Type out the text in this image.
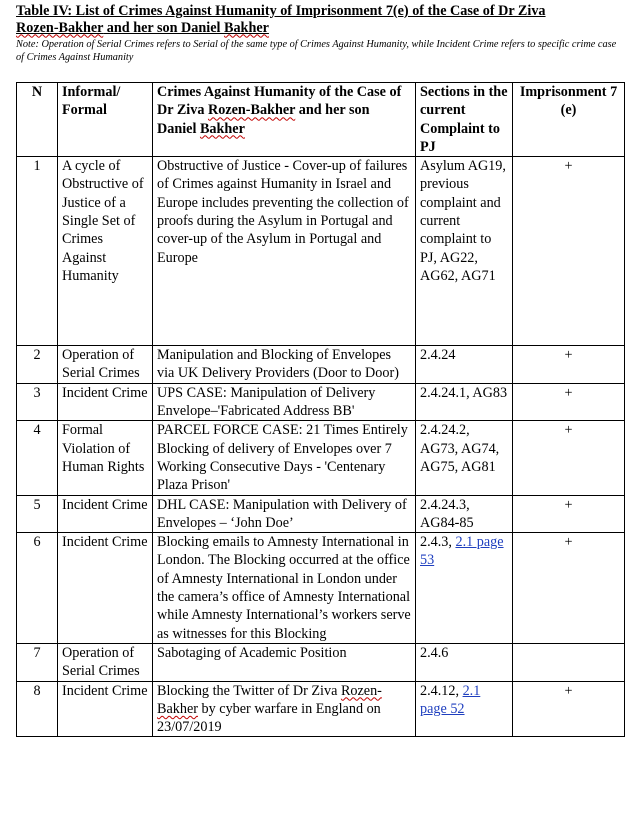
Table IV: List of Crimes Against Humanity of Imprisonment 7(e) of the Case of Dr Ziva
Rozen-Bakher and her son Daniel Bakher

Note: Operation of Serial Crimes refers to Serial of the same type of Crimes Against Humanity, while Incident Crime refers to specific crime case of Crimes Against Humanity

N	Informal/ Formal	Crimes Against Humanity of the Case of Dr Ziva Rozen-Bakher and her son Daniel Bakher	Sections in the current Complaint to PJ	Imprisonment 7(e)
1	A cycle of Obstructive of Justice of a Single Set of Crimes Against Humanity	Obstructive of Justice - Cover-up of failures of Crimes against Humanity in Israel and Europe includes preventing the collection of proofs during the Asylum in Portugal and cover-up of the Asylum in Portugal and Europe	Asylum AG19, previous complaint and current complaint to PJ, AG22, AG62, AG71	+
2	Operation of Serial Crimes	Manipulation and Blocking of Envelopes via UK Delivery Providers (Door to Door)	2.4.24	+
3	Incident Crime	UPS CASE: Manipulation of Delivery Envelope–'Fabricated Address BB'	2.4.24.1, AG83	+
4	Formal Violation of Human Rights	PARCEL FORCE CASE: 21 Times Entirely Blocking of delivery of Envelopes over 7 Working Consecutive Days - 'Centenary Plaza Prison'	2.4.24.2, AG73, AG74, AG75, AG81	+
5	Incident Crime	DHL CASE: Manipulation with Delivery of Envelopes – ‘John Doe’	2.4.24.3, AG84-85	+
6	Incident Crime	Blocking emails to Amnesty International in London. The Blocking occurred at the office of Amnesty International in London under the camera’s office of Amnesty International while Amnesty International’s workers serve as witnesses for this Blocking	2.4.3, 2.1 page 53	+
7	Operation of Serial Crimes	Sabotaging of Academic Position	2.4.6	
8	Incident Crime	Blocking the Twitter of Dr Ziva Rozen-Bakher by cyber warfare in England on 23/07/2019	2.4.12, 2.1 page 52	+
